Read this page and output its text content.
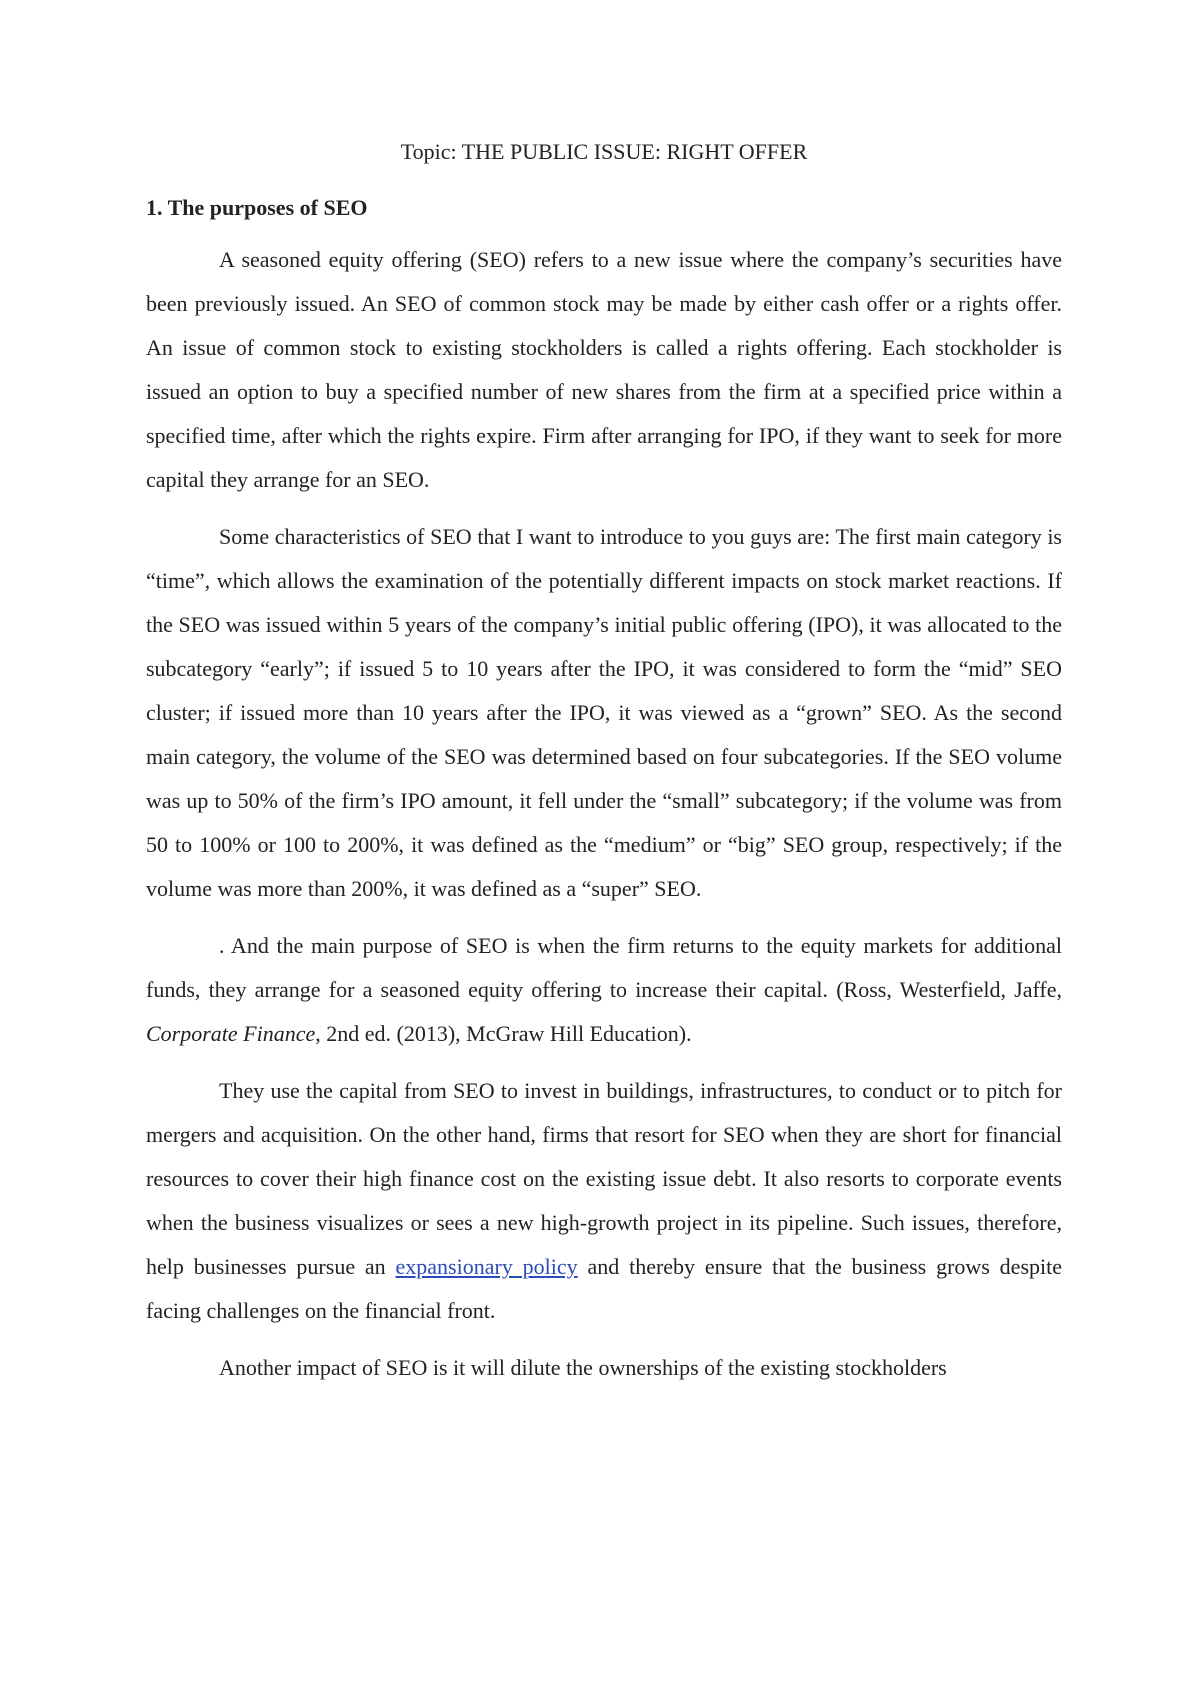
Topic: THE PUBLIC ISSUE: RIGHT OFFER
1. The purposes of SEO

A seasoned equity offering (SEO) refers to a new issue where the company’s securities have been previously issued. An SEO of common stock may be made by either cash offer or a rights offer. An issue of common stock to existing stockholders is called a rights offering. Each stockholder is issued an option to buy a specified number of new shares from the firm at a specified price within a specified time, after which the rights expire. Firm after arranging for IPO, if they want to seek for more capital they arrange for an SEO.

Some characteristics of SEO that I want to introduce to you guys are: The first main category is “time”, which allows the examination of the potentially different impacts on stock market reactions. If the SEO was issued within 5 years of the company’s initial public offering (IPO), it was allocated to the subcategory “early”; if issued 5 to 10 years after the IPO, it was considered to form the “mid” SEO cluster; if issued more than 10 years after the IPO, it was viewed as a “grown” SEO. As the second main category, the volume of the SEO was determined based on four subcategories. If the SEO volume was up to 50% of the firm’s IPO amount, it fell under the “small” subcategory; if the volume was from 50 to 100% or 100 to 200%, it was defined as the “medium” or “big” SEO group, respectively; if the volume was more than 200%, it was defined as a “super” SEO.

. And the main purpose of SEO is when the firm returns to the equity markets for additional funds, they arrange for a seasoned equity offering to increase their capital. (Ross, Westerfield, Jaffe, Corporate Finance, 2nd ed. (2013), McGraw Hill Education).

They use the capital from SEO to invest in buildings, infrastructures, to conduct or to pitch for mergers and acquisition. On the other hand, firms that resort for SEO when they are short for financial resources to cover their high finance cost on the existing issue debt. It also resorts to corporate events when the business visualizes or sees a new high-growth project in its pipeline. Such issues, therefore, help businesses pursue an expansionary policy and thereby ensure that the business grows despite facing challenges on the financial front.

Another impact of SEO is it will dilute the ownerships of the existing stockholders
